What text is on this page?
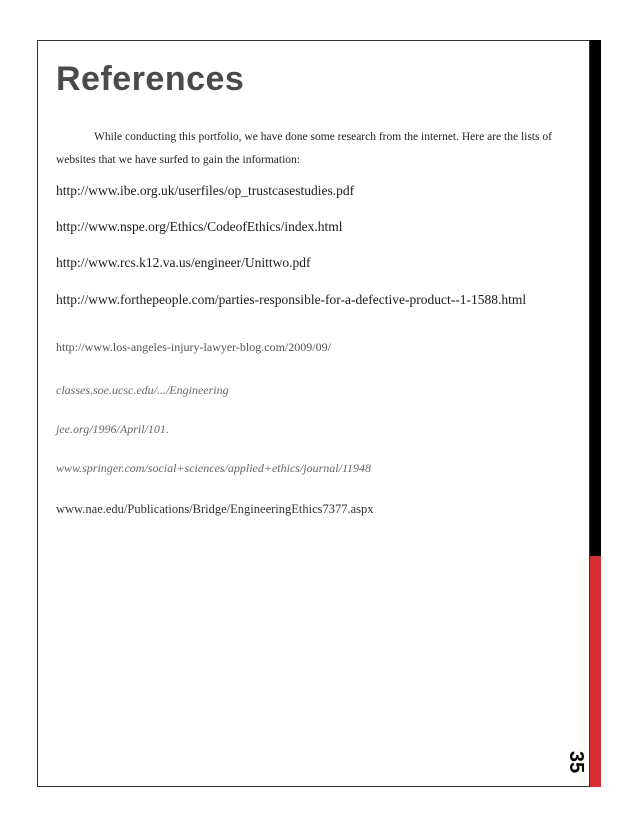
References

While conducting this portfolio, we have done some research from the internet. Here are the lists of websites that we have surfed to gain the information:

http://www.ibe.org.uk/userfiles/op_trustcasestudies.pdf

http://www.nspe.org/Ethics/CodeofEthics/index.html

http://www.rcs.k12.va.us/engineer/Unittwo.pdf

http://www.forthepeople.com/parties-responsible-for-a-defective-product--1-1588.html

http://www.los-angeles-injury-lawyer-blog.com/2009/09/

classes.soe.ucsc.edu/.../Engineering

jee.org/1996/April/101.

www.springer.com/social+sciences/applied+ethics/journal/11948

www.nae.edu/Publications/Bridge/EngineeringEthics7377.aspx

35
